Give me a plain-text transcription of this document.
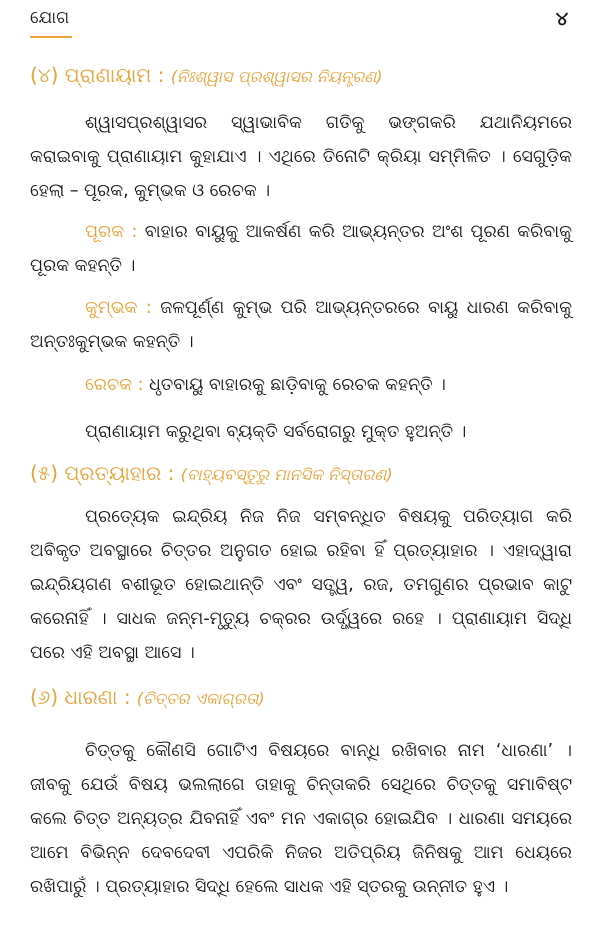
ଯୋଗ	୪
(୪) ପ୍ରାଣାୟାମ : (ନିଃଶ୍ୱାସ ପ୍ରଶ୍ୱାସର ନିୟନ୍ତ୍ରଣ)

ଶ୍ୱାସପ୍ରଶ୍ୱାସର ସ୍ୱାଭାବିକ ଗତିକୁ ଭଙ୍ଗକରି ଯଥାନିୟମରେ କରାଇବାକୁ ପ୍ରାଣାୟାମ କୁହାଯାଏ । ଏଥିରେ ତିନୋଟି କ୍ରିୟା ସମ୍ମିଳିତ । ସେଗୁଡ଼ିକ ହେଲା – ପୂରକ, କୁମ୍ଭକ ଓ ରେଚକ ।

ପୂରକ : ବାହାର ବାୟୁକୁ ଆକର୍ଷଣ କରି ଆଭ୍ୟନ୍ତର ଅଂଶ ପୂରଣ କରିବାକୁ ପୂରକ କହନ୍ତି ।

କୁମ୍ଭକ : ଜଳପୂର୍ଣ୍ଣ କୁମ୍ଭ ପରି ଆଭ୍ୟନ୍ତରରେ ବାୟୁ ଧାରଣ କରିବାକୁ ଅନ୍ତଃକୁମ୍ଭକ କହନ୍ତି ।

ରେଚକ : ଧୃତବାୟୁ ବାହାରକୁ ଛାଡ଼ିବାକୁ ରେଚକ କହନ୍ତି ।

ପ୍ରାଣାୟାମ କରୁଥିବା ବ୍ୟକ୍ତି ସର୍ବରୋଗରୁ ମୁକ୍ତ ହୁଅନ୍ତି ।

(୫) ପ୍ରତ୍ୟାହାର : (ବାହ୍ୟବସ୍ତୁରୁ ମାନସିକ ନିସ୍ତାରଣ)

ପ୍ରତ୍ୟେକ ଇନ୍ଦ୍ରିୟ ନିଜ ନିଜ ସମ୍ବନ୍ଧିତ ବିଷୟକୁ ପରିତ୍ୟାଗ କରି ଅବିକୃତ ଅବସ୍ଥାରେ ଚିତ୍ତର ଅନୁଗତ ହୋଇ ରହିବା ହିଁ ପ୍ରତ୍ୟାହାର । ଏହାଦ୍ୱାରା ଇନ୍ଦ୍ରିୟଗଣ ବଶୀଭୂତ ହୋଇଥାନ୍ତି ଏବଂ ସତ୍ତ୍ୱ, ରଜ, ତମଗୁଣର ପ୍ରଭାବ କାଟୁ କରେନାହିଁ । ସାଧକ ଜନ୍ମ-ମୃତ୍ୟୁ ଚକ୍ରର ଉର୍ଦ୍ଧ୍ୱରେ ରହେ । ପ୍ରାଣାୟାମ ସିଦ୍ଧି ପରେ ଏହି ଅବସ୍ଥା ଆସେ ।

(୬) ଧାରଣା : (ଚିତ୍ତର ଏକାଗ୍ରତା)

ଚିତ୍ତକୁ କୌଣସି ଗୋଟିଏ ବିଷୟରେ ବାନ୍ଧି ରଖିବାର ନାମ ‘ଧାରଣା’ । ଜୀବକୁ ଯେଉଁ ବିଷୟ ଭଲଲାଗେ ତାହାକୁ ଚିନ୍ତାକରି ସେଥିରେ ଚିତ୍ତକୁ ସମାବିଷ୍ଟ କଲେ ଚିତ୍ତ ଅନ୍ୟତ୍ର ଯିବନାହିଁ ଏବଂ ମନ ଏକାଗ୍ର ହୋଇଯିବ । ଧାରଣା ସମୟରେ ଆମେ ବିଭିନ୍ନ ଦେବଦେବୀ ଏପରିକି ନିଜର ଅତିପ୍ରିୟ ଜିନିଷକୁ ଆମ ଧେୟରେ ରଖିପାରୁଁ । ପ୍ରତ୍ୟାହାର ସିଦ୍ଧି ହେଲେ ସାଧକ ଏହି ସ୍ତରକୁ ଉନ୍ନୀତ ହୁଏ ।
